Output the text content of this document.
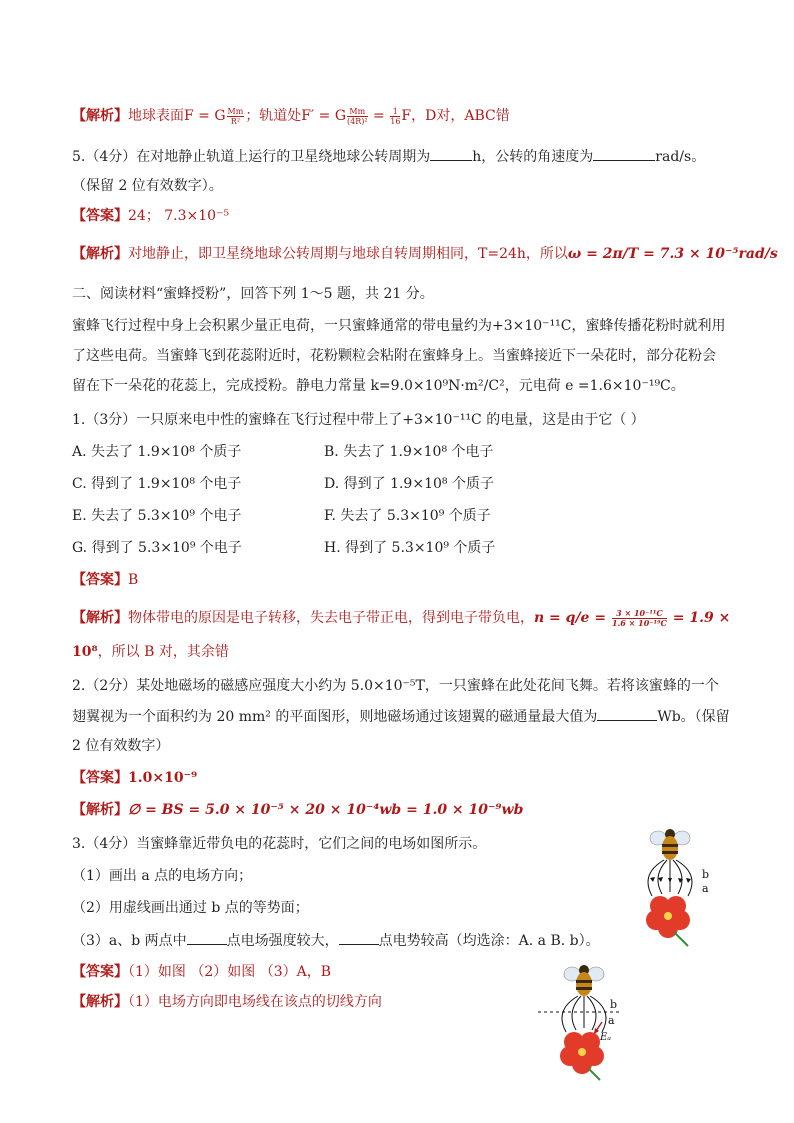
【解析】地球表面F = G $\frac{Mm}{\text{R²}}$ ；轨道处F′ = G $\frac{Mm}{\text{(4R)²}} = \frac{1}{16}$ F，D对，ABC错
5.（4分）在对地静止轨道上运行的卫星绕地球公转周期为	h，公转的角速度为	rad/s。
（保留 2 位有效数字）。
【答案】24； 7.3×10⁻⁵
【解析】对地静止，即卫星绕地球公转周期与地球自转周期相同，T=24h，所以ω = 2π/T = 7.3 × 10⁻⁵rad/s
二、阅读材料“蜜蜂授粉”，回答下列 1～5 题，共 21 分。
蜜蜂飞行过程中身上会积累少量正电荷，一只蜜蜂通常的带电量约为+3×10⁻¹¹C，蜜蜂传播花粉时就利用
了这些电荷。当蜜蜂飞到花蕊附近时，花粉颗粒会粘附在蜜蜂身上。当蜜蜂接近下一朵花时，部分花粉会
留在下一朵花的花蕊上，完成授粉。静电力常量 k=9.0×10⁹N·m²/C²，元电荷 e =1.6×10⁻¹⁹C。
1.（3分）一只原来电中性的蜜蜂在飞行过程中带上了+3×10⁻¹¹C 的电量，这是由于它（ ）
A. 失去了 1.9×10⁸ 个质子	B. 失去了 1.9×10⁸ 个电子
C. 得到了 1.9×10⁸ 个电子	D. 得到了 1.9×10⁸ 个质子
E. 失去了 5.3×10⁹ 个电子	F. 失去了 5.3×10⁹ 个质子
G. 得到了 5.3×10⁹ 个电子	H. 得到了 5.3×10⁹ 个质子
【答案】B
【解析】物体带电的原因是电子转移，失去电子带正电，得到电子带负电，$n = q/e = \frac{\text{3 × 10⁻¹¹C}}{\text{1.6 × 10⁻¹⁹C}} = 1.9$ ×
10⁸，所以 B 对，其余错
2.（2分）某处地磁场的磁感应强度大小约为 5.0×10⁻⁵T，一只蜜蜂在此处花间飞舞。若将该蜜蜂的一个
翅翼视为一个面积约为 20 mm² 的平面图形，则地磁场通过该翅翼的磁通量最大值为	Wb。（保留
2 位有效数字）
【答案】1.0×10⁻⁹
【解析】∅ = BS = 5.0 × 10⁻⁵ × 20 × 10⁻⁴wb = 1.0 × 10⁻⁹wb
3.（4分）当蜜蜂靠近带负电的花蕊时，它们之间的电场如图所示。
（1）画出 a 点的电场方向；
（2）用虚线画出通过 b 点的等势面；
（3）a、b 两点中	点电场强度较大，	点电势较高（均选涂：A. a B. b）。
【答案】（1）如图 （2）如图 （3）A，B
【解析】（1）电场方向即电场线在该点的切线方向
b
a
b
a
Eₐ
